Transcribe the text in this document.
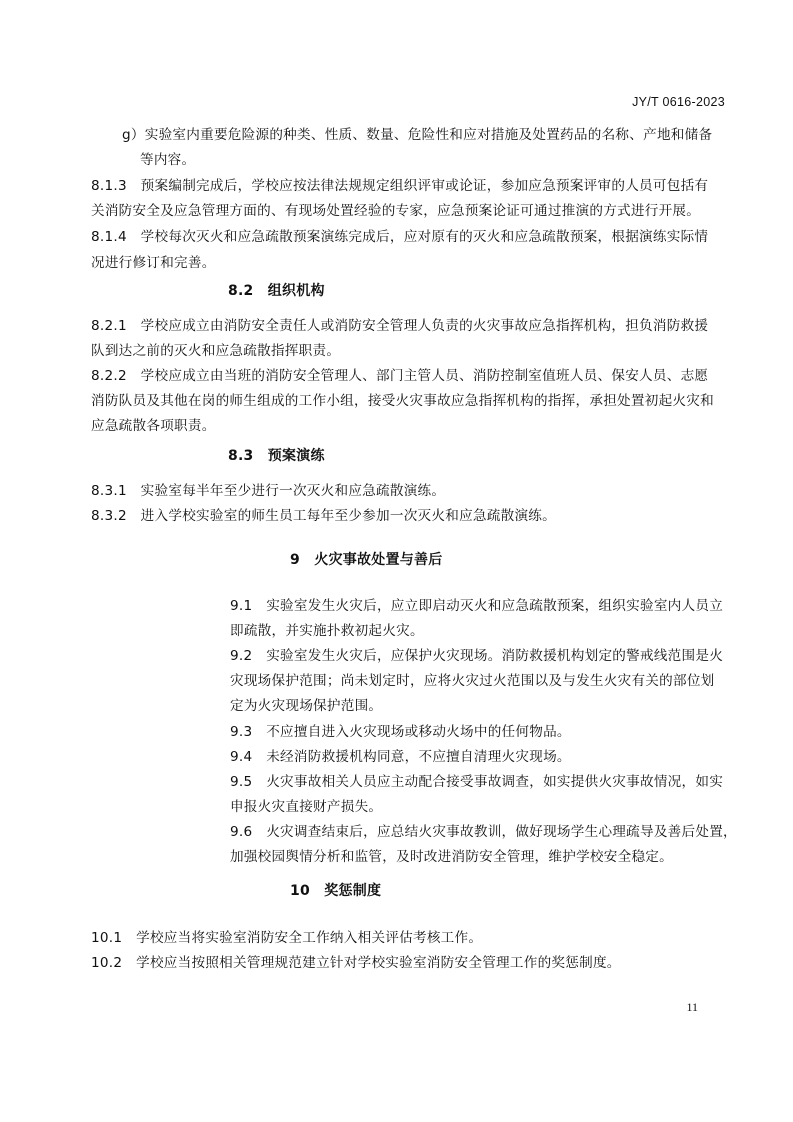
JY/T 0616-2023
g）实验室内重要危险源的种类、性质、数量、危险性和应对措施及处置药品的名称、产地和储备
等内容。
8.1.3　预案编制完成后，学校应按法律法规规定组织评审或论证，参加应急预案评审的人员可包括有
关消防安全及应急管理方面的、有现场处置经验的专家，应急预案论证可通过推演的方式进行开展。
8.1.4　学校每次灭火和应急疏散预案演练完成后，应对原有的灭火和应急疏散预案，根据演练实际情
况进行修订和完善。
8.2　组织机构
8.2.1　学校应成立由消防安全责任人或消防安全管理人负责的火灾事故应急指挥机构，担负消防救援
队到达之前的灭火和应急疏散指挥职责。
8.2.2　学校应成立由当班的消防安全管理人、部门主管人员、消防控制室值班人员、保安人员、志愿
消防队员及其他在岗的师生组成的工作小组，接受火灾事故应急指挥机构的指挥，承担处置初起火灾和
应急疏散各项职责。
8.3　预案演练
8.3.1　实验室每半年至少进行一次灭火和应急疏散演练。
8.3.2　进入学校实验室的师生员工每年至少参加一次灭火和应急疏散演练。
9　火灾事故处置与善后
9.1　实验室发生火灾后，应立即启动灭火和应急疏散预案，组织实验室内人员立
即疏散，并实施扑救初起火灾。
9.2　实验室发生火灾后，应保护火灾现场。消防救援机构划定的警戒线范围是火
灾现场保护范围；尚未划定时，应将火灾过火范围以及与发生火灾有关的部位划
定为火灾现场保护范围。
9.3　不应擅自进入火灾现场或移动火场中的任何物品。
9.4　未经消防救援机构同意，不应擅自清理火灾现场。
9.5　火灾事故相关人员应主动配合接受事故调查，如实提供火灾事故情况，如实
申报火灾直接财产损失。
9.6　火灾调查结束后，应总结火灾事故教训，做好现场学生心理疏导及善后处置，
加强校园舆情分析和监管，及时改进消防安全管理，维护学校安全稳定。
10　奖惩制度
10.1　学校应当将实验室消防安全工作纳入相关评估考核工作。
10.2　学校应当按照相关管理规范建立针对学校实验室消防安全管理工作的奖惩制度。
11
